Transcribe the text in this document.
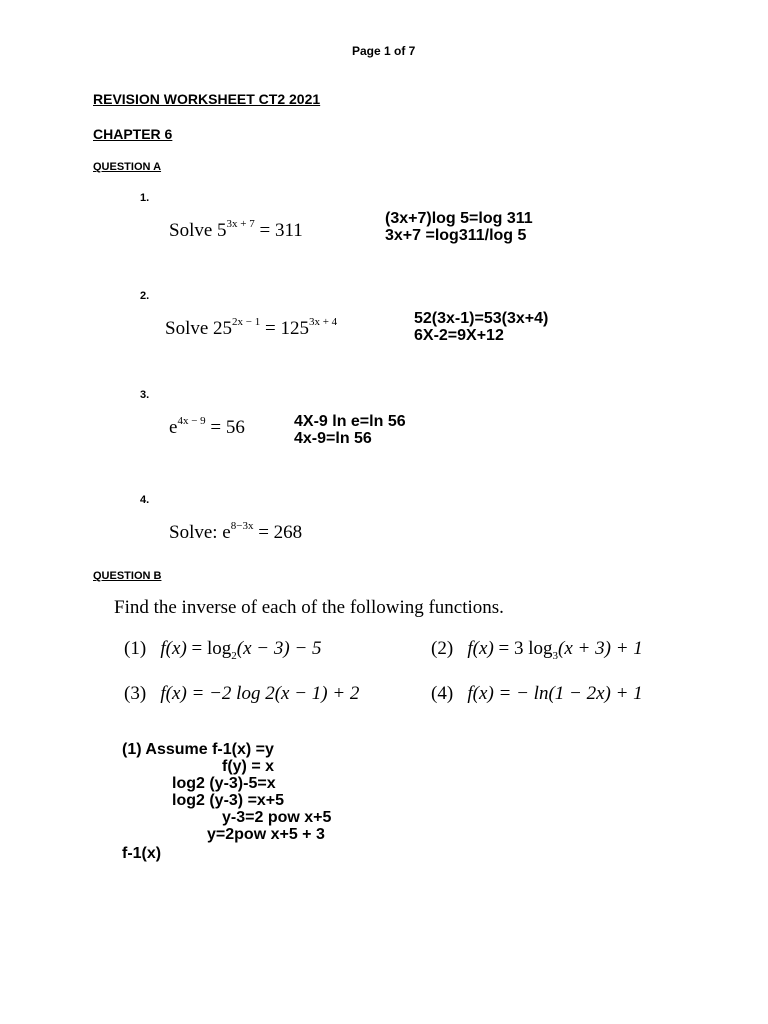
Page 1 of 7
REVISION WORKSHEET CT2 2021
CHAPTER 6
QUESTION A
1.
Solve $5^{3x + 7} = 311$
(3x+7)log 5=log 311
3x+7 =log311/log 5
2.
Solve $25^{2x - 1} = 125^{3x + 4}$	52(3x-1)=53(3x+4)
6X-2=9X+12
3.
$e^{4x - 9} = 56$	4X-9 ln e=ln 56
4x-9=ln 56
4.
Solve: $e^{8-3x} = 268$
QUESTION B
Find the inverse of each of the following functions.
(1) $f(x) = \log_2(x - 3) - 5$	(2) f(x) = 3 $\log_3(x + 3) + 1$
(3) f(x) = −2 log 2(x − 1) + 2	(4) f(x) = − ln(1 − 2x) + 1
(1) Assume f-1(x) =y
f(y) = x
log2 (y-3)-5=x
log2 (y-3) =x+5
y-3=2 pow x+5
y=2pow x+5 + 3
f-1(x)
